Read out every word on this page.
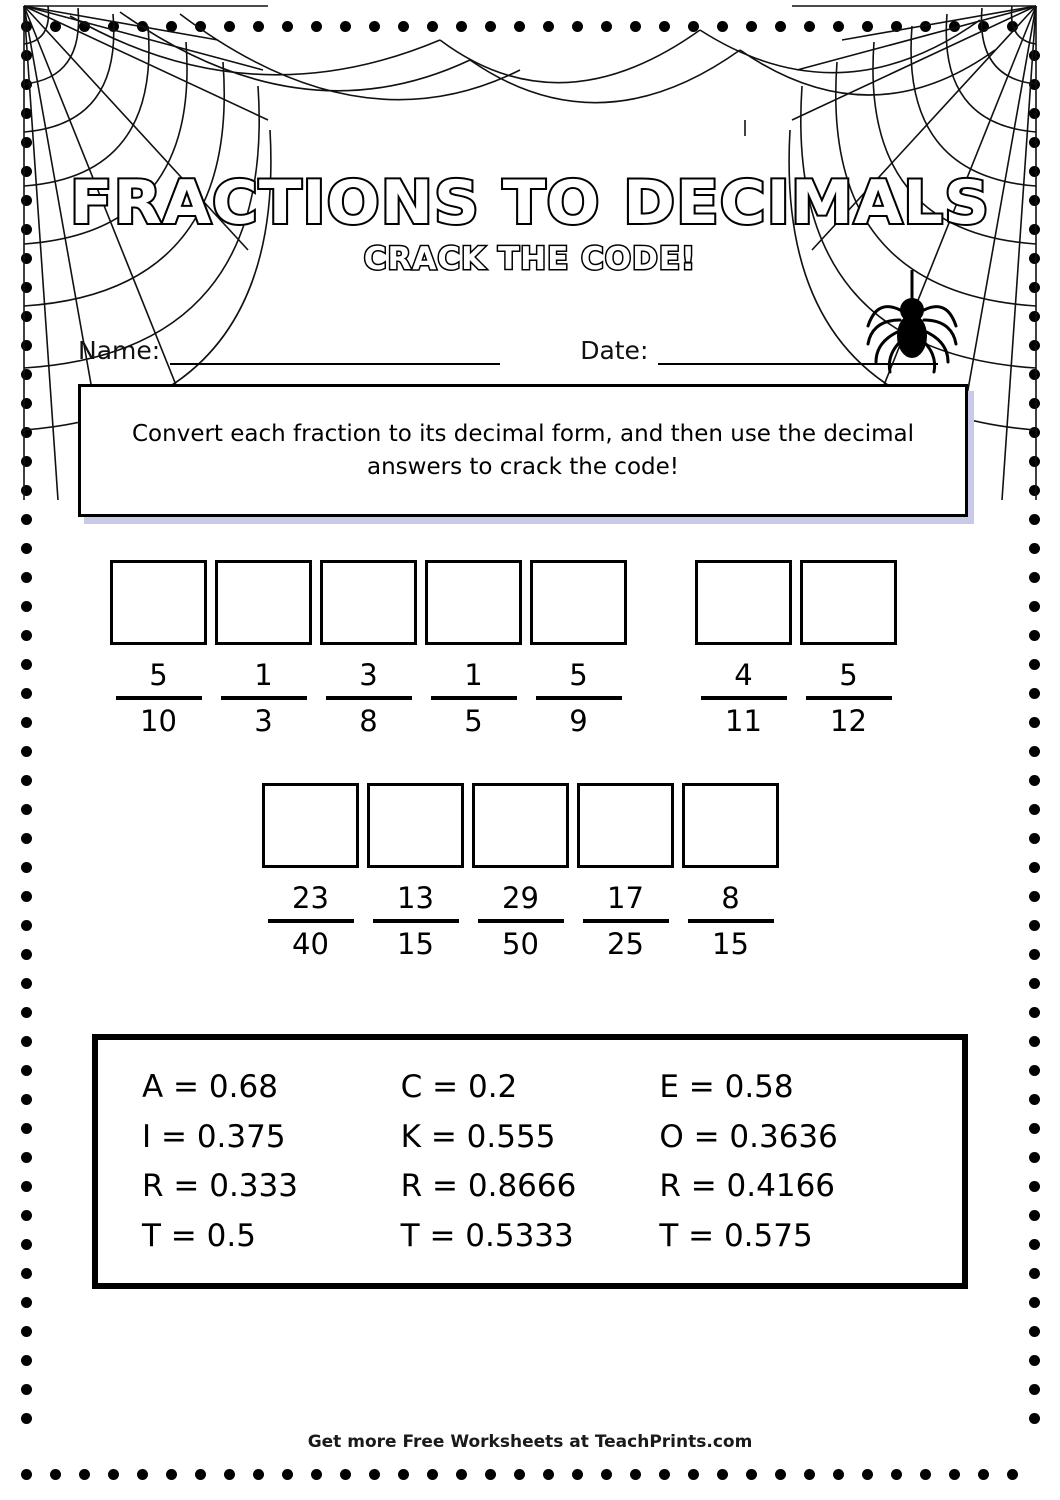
FRACTIONS TO DECIMALS
CRACK THE CODE!
Name:	Date:

Convert each fraction to its decimal form, and then use the decimal answers to crack the code!

$\frac{5}{10} \frac{1}{3} \frac{3}{8} \frac{1}{5} \frac{5}{9} \frac{4}{11} \frac{5}{12}$
$\frac{23}{40} \frac{13}{15} \frac{29}{50} \frac{17}{25} \frac{8}{15}$
A = 0.68	C = 0.2	E = 0.58
I = 0.375	K = 0.555	O = 0.3636
R = 0.333	R = 0.8666	R = 0.4166
T = 0.5	T = 0.5333	T = 0.575
Get more Free Worksheets at TeachPrints.com
